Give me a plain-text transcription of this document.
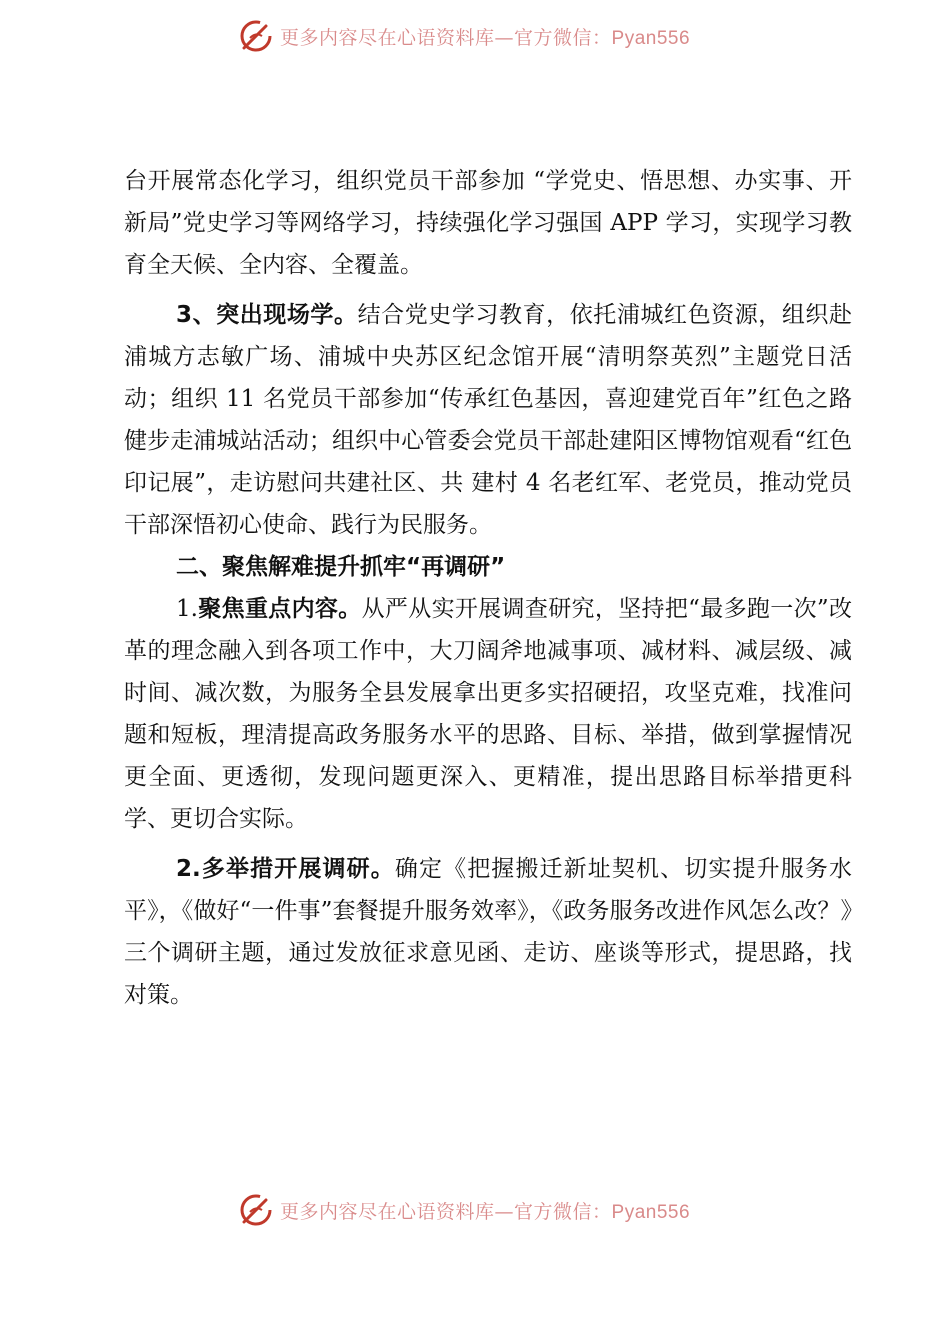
更多内容尽在心语资料库—官方微信：Pyan556

台开展常态化学习，组织党员干部参加 “学党史、悟思想、办实事、开新局”党史学习等网络学习，持续强化学习强国 APP 学习，实现学习教育全天候、全内容、全覆盖。

3、突出现场学。结合党史学习教育，依托浦城红色资源，组织赴浦城方志敏广场、浦城中央苏区纪念馆开展“清明祭英烈”主题党日活动；组织 11 名党员干部参加“传承红色基因，喜迎建党百年”红色之路健步走浦城站活动；组织中心管委会党员干部赴建阳区博物馆观看“红色印记展”，走访慰问共建社区、共 建村 4 名老红军、老党员，推动党员干部深悟初心使命、践行为民服务。

二、聚焦解难提升抓牢“再调研”

1.聚焦重点内容。从严从实开展调查研究，坚持把“最多跑一次”改革的理念融入到各项工作中，大刀阔斧地减事项、减材料、减层级、减时间、减次数，为服务全县发展拿出更多实招硬招，攻坚克难，找准问题和短板，理清提高政务服务水平的思路、目标、举措，做到掌握情况更全面、更透彻，发现问题更深入、更精准，提出思路目标举措更科学、更切合实际。

2.多举措开展调研。确定《把握搬迁新址契机、切实提升服务水平》，《做好“一件事”套餐提升服务效率》，《政务服务改进作风怎么改？》三个调研主题，通过发放征求意见函、走访、座谈等形式，提思路，找对策。

更多内容尽在心语资料库—官方微信：Pyan556
